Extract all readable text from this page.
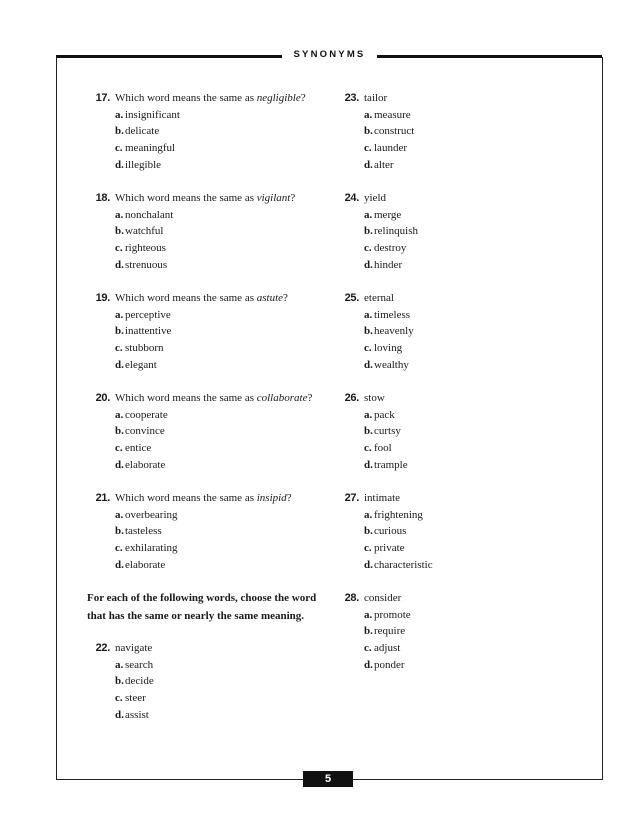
SYNONYMS
5
17. Which word means the same as negligible?
a. insignificant
b. delicate
c. meaningful
d. illegible
18. Which word means the same as vigilant?
a. nonchalant
b. watchful
c. righteous
d. strenuous
19. Which word means the same as astute?
a. perceptive
b. inattentive
c. stubborn
d. elegant
20. Which word means the same as collaborate?
a. cooperate
b. convince
c. entice
d. elaborate
21. Which word means the same as insipid?
a. overbearing
b. tasteless
c. exhilarating
d. elaborate
For each of the following words, choose the word
that has the same or nearly the same meaning.
22. navigate
a. search
b. decide
c. steer
d. assist
23. tailor
a. measure
b. construct
c. launder
d. alter
24. yield
a. merge
b. relinquish
c. destroy
d. hinder
25. eternal
a. timeless
b. heavenly
c. loving
d. wealthy
26. stow
a. pack
b. curtsy
c. fool
d. trample
27. intimate
a. frightening
b. curious
c. private
d. characteristic
28. consider
a. promote
b. require
c. adjust
d. ponder
